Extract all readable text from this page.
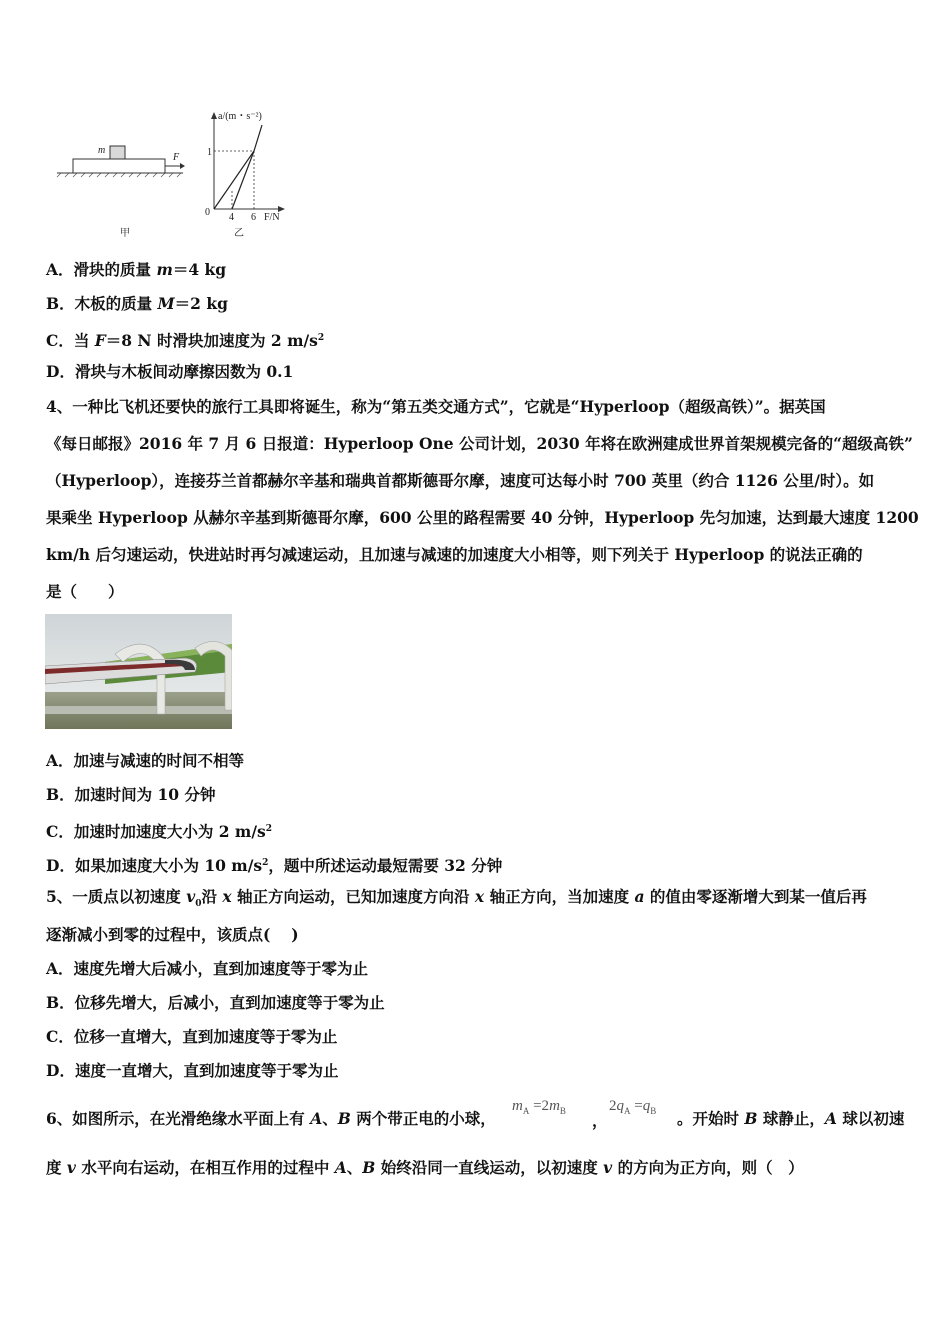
m
F
甲
a/(m・s⁻²)
1
0 4 6 F/N
乙
A．滑块的质量 m＝4 kg
B．木板的质量 M＝2 kg
C．当 F＝8 N 时滑块加速度为 2 $m/s^2$
D．滑块与木板间动摩擦因数为 0.1
4、一种比飞机还要快的旅行工具即将诞生，称为“第五类交通方式”，它就是“Hyperloop（超级高铁）”。据英国
《每日邮报》2016 年 7 月 6 日报道：Hyperloop One 公司计划，2030 年将在欧洲建成世界首架规模完备的“超级高铁”
（Hyperloop），连接芬兰首都赫尔辛基和瑞典首都斯德哥尔摩，速度可达每小时 700 英里（约合 1126 公里/时）。如
果乘坐 Hyperloop 从赫尔辛基到斯德哥尔摩，600 公里的路程需要 40 分钟，Hyperloop 先匀加速，达到最大速度 1200
km/h 后匀速运动，快进站时再匀减速运动，且加速与减速的加速度大小相等，则下列关于 Hyperloop 的说法正确的
是（　　）
A．加速与减速的时间不相等
B．加速时间为 10 分钟
C．加速时加速度大小为 2 $m/s^2$
D．如果加速度大小为 10 $m/s^2$，题中所述运动最短需要 32 分钟
5、一质点以初速度 $v_0$沿 x 轴正方向运动，已知加速度方向沿 x 轴正方向，当加速度 a 的值由零逐渐增大到某一值后再
逐渐减小到零的过程中，该质点(　 )
A．速度先增大后减小，直到加速度等于零为止
B．位移先增大，后减小，直到加速度等于零为止
C．位移一直增大，直到加速度等于零为止
D．速度一直增大，直到加速度等于零为止
6、如图所示，在光滑绝缘水平面上有 A、B 两个带正电的小球，
$m_A =2m_B$ ，
$2q_A =q_B$ 。开始时 B 球静止，A 球以初速
度 v 水平向右运动，在相互作用的过程中 A、B 始终沿同一直线运动，以初速度 v 的方向为正方向，则（　）
